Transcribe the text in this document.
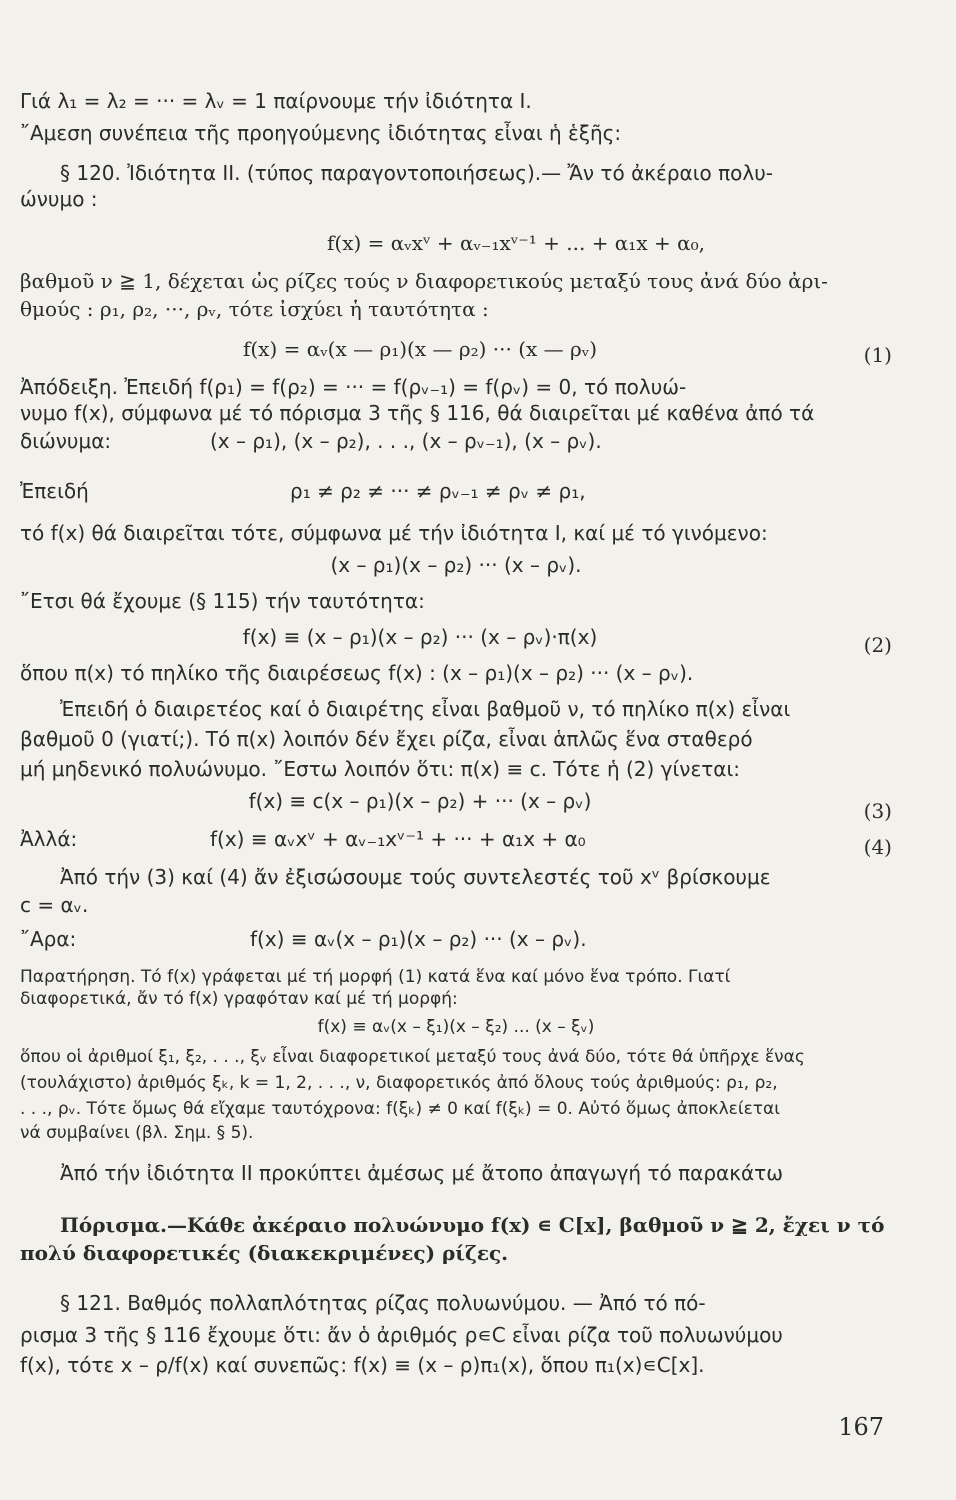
Γιά λ₁ = λ₂ = ··· = λᵥ = 1 παίρνουμε τήν ἰδιότητα Ι.
῎Αμεση συνέπεια τῆς προηγούμενης ἰδιότητας εἶναι ἡ ἑξῆς:
§ 120. Ἰδιότητα II. (τύπος παραγοντοποιήσεως).— Ἄν τό ἀκέραιο πολυ-
ώνυμο :
f(x) = αᵥxᵛ + αᵥ₋₁xᵛ⁻¹ + ... + α₁x + α₀,
βαθμοῦ ν ≧ 1, δέχεται ὡς ρίζες τούς ν διαφορετικούς μεταξύ τους ἀνά δύο ἀρι-
θμούς : ρ₁, ρ₂, ···, ρᵥ, τότε ἰσχύει ἡ ταυτότητα :
f(x) = αᵥ(x — ρ₁)(x — ρ₂) ··· (x — ρᵥ)	(1)
Ἀπόδειξη. Ἐπειδή f(ρ₁) = f(ρ₂) = ··· = f(ρᵥ₋₁) = f(ρᵥ) = 0, τό πολυώ-
νυμο f(x), σύμφωνα μέ τό πόρισμα 3 τῆς § 116, θά διαιρεῖται μέ καθένα ἀπό τά
διώνυμα:	(x – ρ₁), (x – ρ₂), . . ., (x – ρᵥ₋₁), (x – ρᵥ).
Ἐπειδή	ρ₁ ≠ ρ₂ ≠ ··· ≠ ρᵥ₋₁ ≠ ρᵥ ≠ ρ₁,
τό f(x) θά διαιρεῖται τότε, σύμφωνα μέ τήν ἰδιότητα I, καί μέ τό γινόμενο:
(x – ρ₁)(x – ρ₂) ··· (x – ρᵥ).
῎Ετσι θά ἔχουμε (§ 115) τήν ταυτότητα:
f(x) ≡ (x – ρ₁)(x – ρ₂) ··· (x – ρᵥ)·π(x)	(2)
ὅπου π(x) τό πηλίκο τῆς διαιρέσεως f(x) : (x – ρ₁)(x – ρ₂) ··· (x – ρᵥ).
Ἐπειδή ὁ διαιρετέος καί ὁ διαιρέτης εἶναι βαθμοῦ ν, τό πηλίκο π(x) εἶναι
βαθμοῦ 0 (γιατί;). Τό π(x) λοιπόν δέν ἔχει ρίζα, εἶναι ἁπλῶς ἕνα σταθερό
μή μηδενικό πολυώνυμο. ῎Εστω λοιπόν ὅτι: π(x) ≡ c. Τότε ἡ (2) γίνεται:
f(x) ≡ c(x – ρ₁)(x – ρ₂) + ··· (x – ρᵥ)	(3)
Ἀλλά:	f(x) ≡ αᵥxᵛ + αᵥ₋₁xᵛ⁻¹ + ··· + α₁x + α₀	(4)
Ἀπό τήν (3) καί (4) ἄν ἐξισώσουμε τούς συντελεστές τοῦ xᵛ βρίσκουμε
c = αᵥ.
῎Αρα:	f(x) ≡ αᵥ(x – ρ₁)(x – ρ₂) ··· (x – ρᵥ).
Παρατήρηση. Τό f(x) γράφεται μέ τή μορφή (1) κατά ἕνα καί μόνο ἕνα τρόπο. Γιατί
διαφορετικά, ἄν τό f(x) γραφόταν καί μέ τή μορφή:
f(x) ≡ αᵥ(x – ξ₁)(x – ξ₂) ... (x – ξᵥ)
ὅπου οἱ ἀριθμοί ξ₁, ξ₂, . . ., ξᵥ εἶναι διαφορετικοί μεταξύ τους ἀνά δύο, τότε θά ὑπῆρχε ἕνας
(τουλάχιστο) ἀριθμός ξₖ, k = 1, 2, . . ., ν, διαφορετικός ἀπό ὅλους τούς ἀριθμούς: ρ₁, ρ₂,
. . ., ρᵥ. Τότε ὅμως θά εἴχαμε ταυτόχρονα: f(ξₖ) ≠ 0 καί f(ξₖ) = 0. Αὐτό ὅμως ἀποκλείεται
νά συμβαίνει (βλ. Σημ. § 5).
Ἀπό τήν ἰδιότητα II προκύπτει ἀμέσως μέ ἄτοπο ἀπαγωγή τό παρακάτω
Πόρισμα.—Κάθε ἀκέραιο πολυώνυμο f(x) ∊ C[x], βαθμοῦ ν ≧ 2, ἔχει ν τό
πολύ διαφορετικές (διακεκριμένες) ρίζες.
§ 121. Βαθμός πολλαπλότητας ρίζας πολυωνύμου. — Ἀπό τό πό-
ρισμα 3 τῆς § 116 ἔχουμε ὅτι: ἄν ὁ ἀριθμός ρ∊C εἶναι ρίζα τοῦ πολυωνύμου
f(x), τότε x – ρ/f(x) καί συνεπῶς: f(x) ≡ (x – ρ)π₁(x), ὅπου π₁(x)∊C[x].
167
